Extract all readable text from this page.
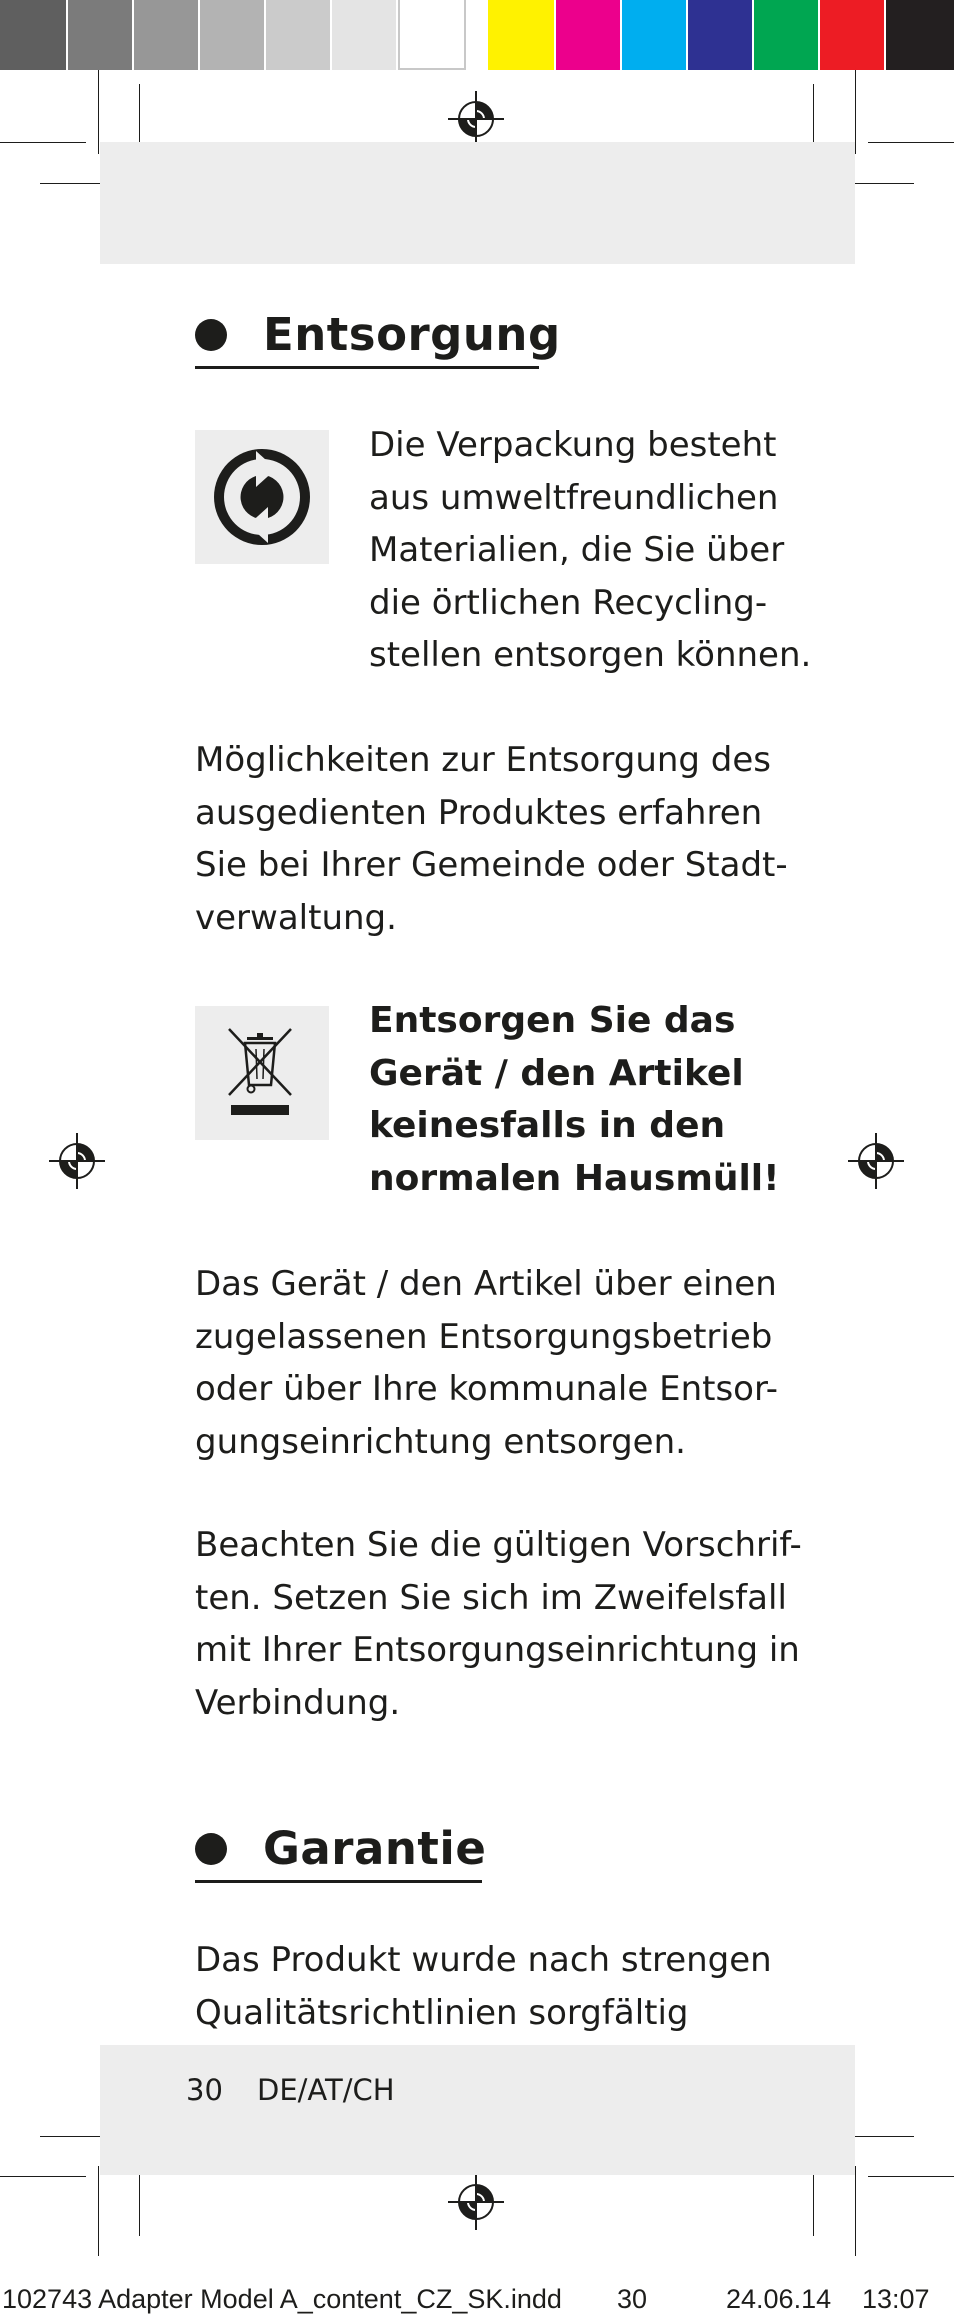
Entsorgung
Die Verpackung besteht
aus umweltfreundlichen
Materialien, die Sie über
die örtlichen Recycling-
stellen entsorgen können.
Möglichkeiten zur Entsorgung des
ausgedienten Produktes erfahren
Sie bei Ihrer Gemeinde oder Stadt-
verwaltung.
Entsorgen Sie das
Gerät / den Artikel
keinesfalls in den
normalen Hausmüll!
Das Gerät / den Artikel über einen
zugelassenen Entsorgungsbetrieb
oder über Ihre kommunale Entsor-
gungseinrichtung entsorgen.
Beachten Sie die gültigen Vorschrif-
ten. Setzen Sie sich im Zweifelsfall
mit Ihrer Entsorgungseinrichtung in
Verbindung.
Garantie
Das Produkt wurde nach strengen
Qualitätsrichtlinien sorgfältig
30 DE/AT/CH
102743 Adapter Model A_content_CZ_SK.indd 30	24.06.14 13:07
